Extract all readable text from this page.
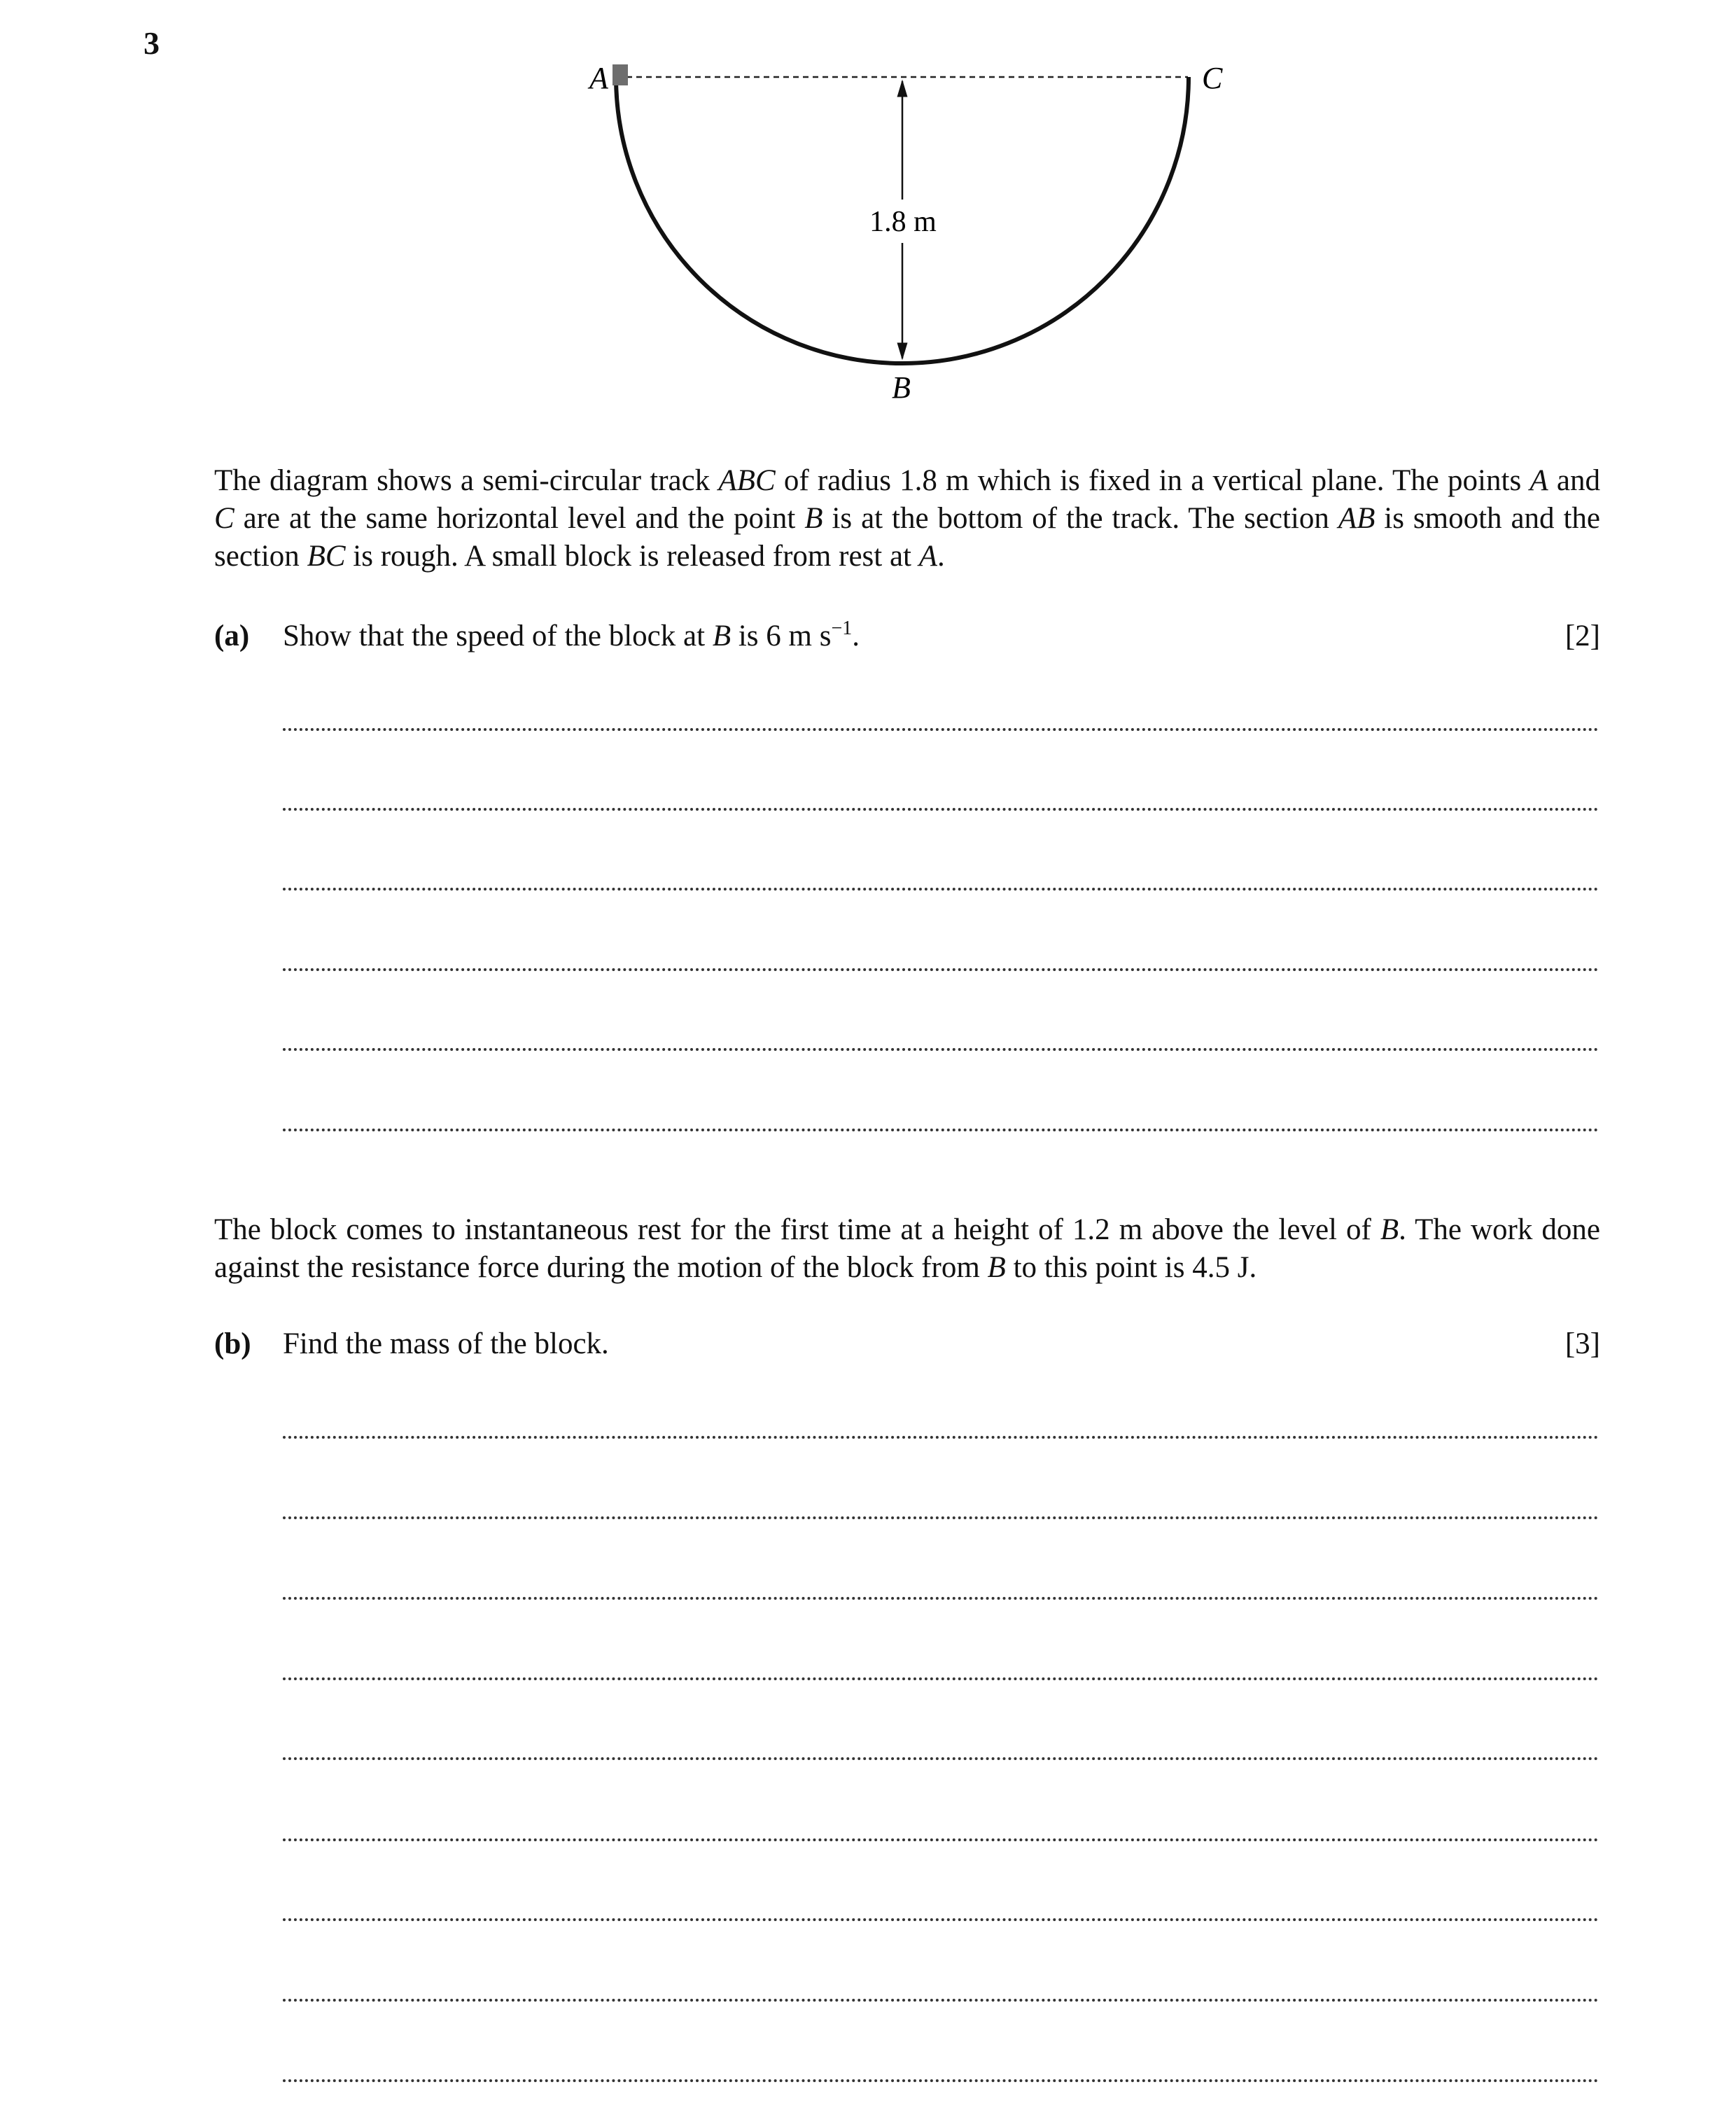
3
A	C
B
1.8 m
The diagram shows a semi-circular track ABC of radius 1.8 m which is fixed in a vertical plane. The points A and C are at the same horizontal level and the point B is at the bottom of the track. The section AB is smooth and the section BC is rough. A small block is released from rest at A.
(a) Show that the speed of the block at B is 6 m $s^{-1}$.	[2]
The block comes to instantaneous rest for the first time at a height of 1.2 m above the level of B. The work done against the resistance force during the motion of the block from B to this point is 4.5 J.
(b) Find the mass of the block.	[3]
